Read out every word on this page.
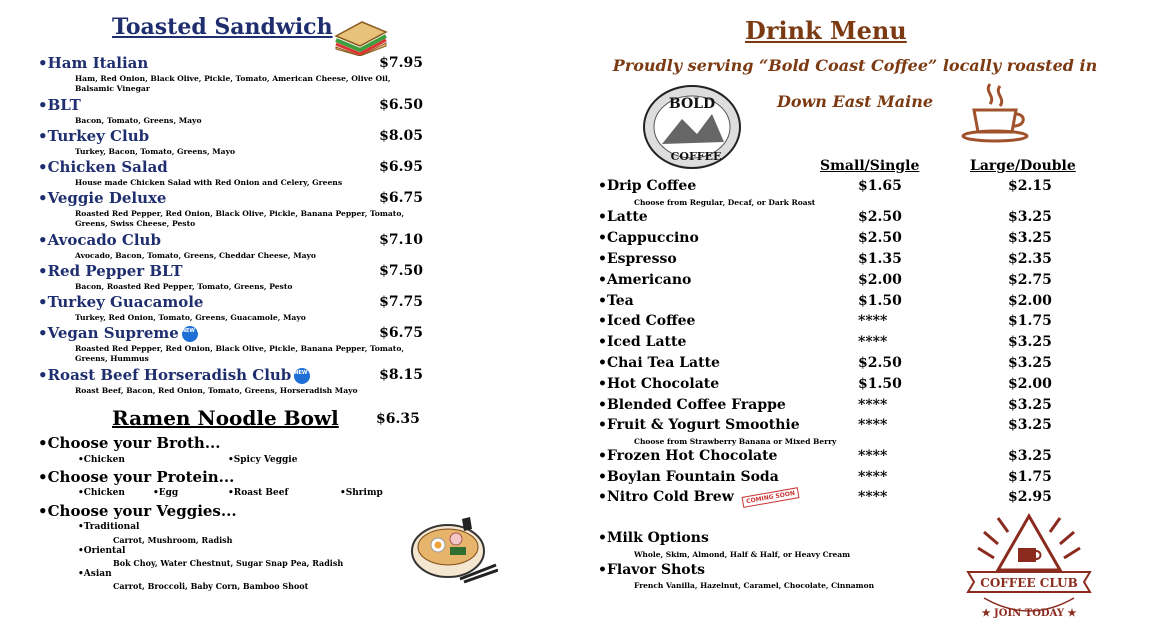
Toasted Sandwich
•Ham Italian	$7.95
Ham, Red Onion, Black Olive, Pickle, Tomato, American Cheese, Olive Oil, Balsamic Vinegar
•BLT	$6.50
Bacon, Tomato, Greens, Mayo
•Turkey Club	$8.05
Turkey, Bacon, Tomato, Greens, Mayo
•Chicken Salad	$6.95
House made Chicken Salad with Red Onion and Celery, Greens
•Veggie Deluxe	$6.75
Roasted Red Pepper, Red Onion, Black Olive, Pickle, Banana Pepper, Tomato, Greens, Swiss Cheese, Pesto
•Avocado Club	$7.10
Avocado, Bacon, Tomato, Greens, Cheddar Cheese, Mayo
•Red Pepper BLT	$7.50
Bacon, Roasted Red Pepper, Tomato, Greens, Pesto
•Turkey Guacamole	$7.75
Turkey, Red Onion, Tomato, Greens, Guacamole, Mayo
•Vegan Supreme NEW ITEM	$6.75
Roasted Red Pepper, Red Onion, Black Olive, Pickle, Banana Pepper, Tomato, Greens, Hummus
•Roast Beef Horseradish Club NEW ITEM	$8.15
Roast Beef, Bacon, Red Onion, Tomato, Greens, Horseradish Mayo
Ramen Noodle Bowl	$6.35
•Choose your Broth...
•Chicken	•Spicy Veggie
•Choose your Protein...
•Chicken	•Egg	•Roast Beef	•Shrimp
•Choose your Veggies...
•Traditional
Carrot, Mushroom, Radish
•Oriental
Bok Choy, Water Chestnut, Sugar Snap Pea, Radish
•Asian
Carrot, Broccoli, Baby Corn, Bamboo Shoot
Drink Menu
Proudly serving “Bold Coast Coffee” locally roasted in
Down East Maine
BOLD
COFFEE
Small/Single	Large/Double
•Drip Coffee	$1.65	$2.15
Choose from Regular, Decaf, or Dark Roast
•Latte	$2.50	$3.25
•Cappuccino	$2.50	$3.25
•Espresso	$1.35	$2.35
•Americano	$2.00	$2.75
•Tea	$1.50	$2.00
•Iced Coffee	****	$1.75
•Iced Latte	****	$3.25
•Chai Tea Latte	$2.50	$3.25
•Hot Chocolate	$1.50	$2.00
•Blended Coffee Frappe	****	$3.25
•Fruit & Yogurt Smoothie	****	$3.25
Choose from Strawberry Banana or Mixed Berry
•Frozen Hot Chocolate	****	$3.25
•Boylan Fountain Soda	****	$1.75
•Nitro Cold Brew COMING SOON	****	$2.95
•Milk Options
Whole, Skim, Almond, Half & Half, or Heavy Cream
•Flavor Shots
French Vanilla, Hazelnut, Caramel, Chocolate, Cinnamon	COFFEE CLUB
★ JOIN TODAY ★
